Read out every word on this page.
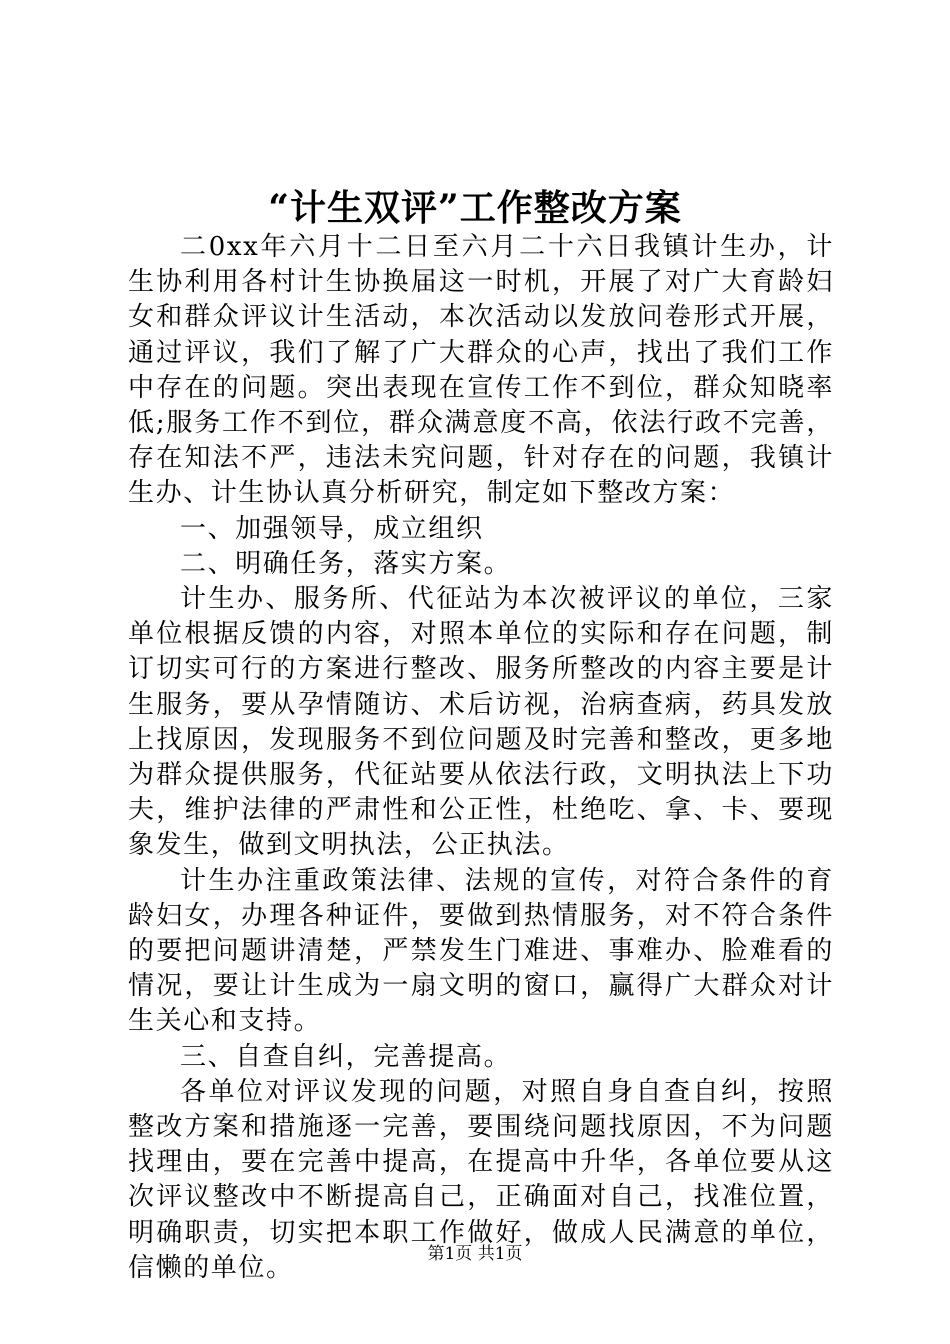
“计生双评”工作整改方案

二0xx年六月十二日至六月二十六日我镇计生办，计生协利用各村计生协换届这一时机，开展了对广大育龄妇女和群众评议计生活动，本次活动以发放问卷形式开展，通过评议，我们了解了广大群众的心声，找出了我们工作中存在的问题。突出表现在宣传工作不到位，群众知晓率低;服务工作不到位，群众满意度不高，依法行政不完善，存在知法不严，违法未究问题，针对存在的问题，我镇计生办、计生协认真分析研究，制定如下整改方案：

一、加强领导，成立组织

二、明确任务，落实方案。

计生办、服务所、代征站为本次被评议的单位，三家单位根据反馈的内容，对照本单位的实际和存在问题，制订切实可行的方案进行整改、服务所整改的内容主要是计生服务，要从孕情随访、术后访视，治病查病，药具发放上找原因，发现服务不到位问题及时完善和整改，更多地为群众提供服务，代征站要从依法行政，文明执法上下功夫，维护法律的严肃性和公正性，杜绝吃、拿、卡、要现象发生，做到文明执法，公正执法。

计生办注重政策法律、法规的宣传，对符合条件的育龄妇女，办理各种证件，要做到热情服务，对不符合条件的要把问题讲清楚，严禁发生门难进、事难办、脸难看的情况，要让计生成为一扇文明的窗口，赢得广大群众对计生关心和支持。

三、自查自纠，完善提高。

各单位对评议发现的问题，对照自身自查自纠，按照整改方案和措施逐一完善，要围绕问题找原因，不为问题找理由，要在完善中提高，在提高中升华，各单位要从这次评议整改中不断提高自己，正确面对自己，找准位置，明确职责，切实把本职工作做好，做成人民满意的单位，信懒的单位。	第1页 共1页
